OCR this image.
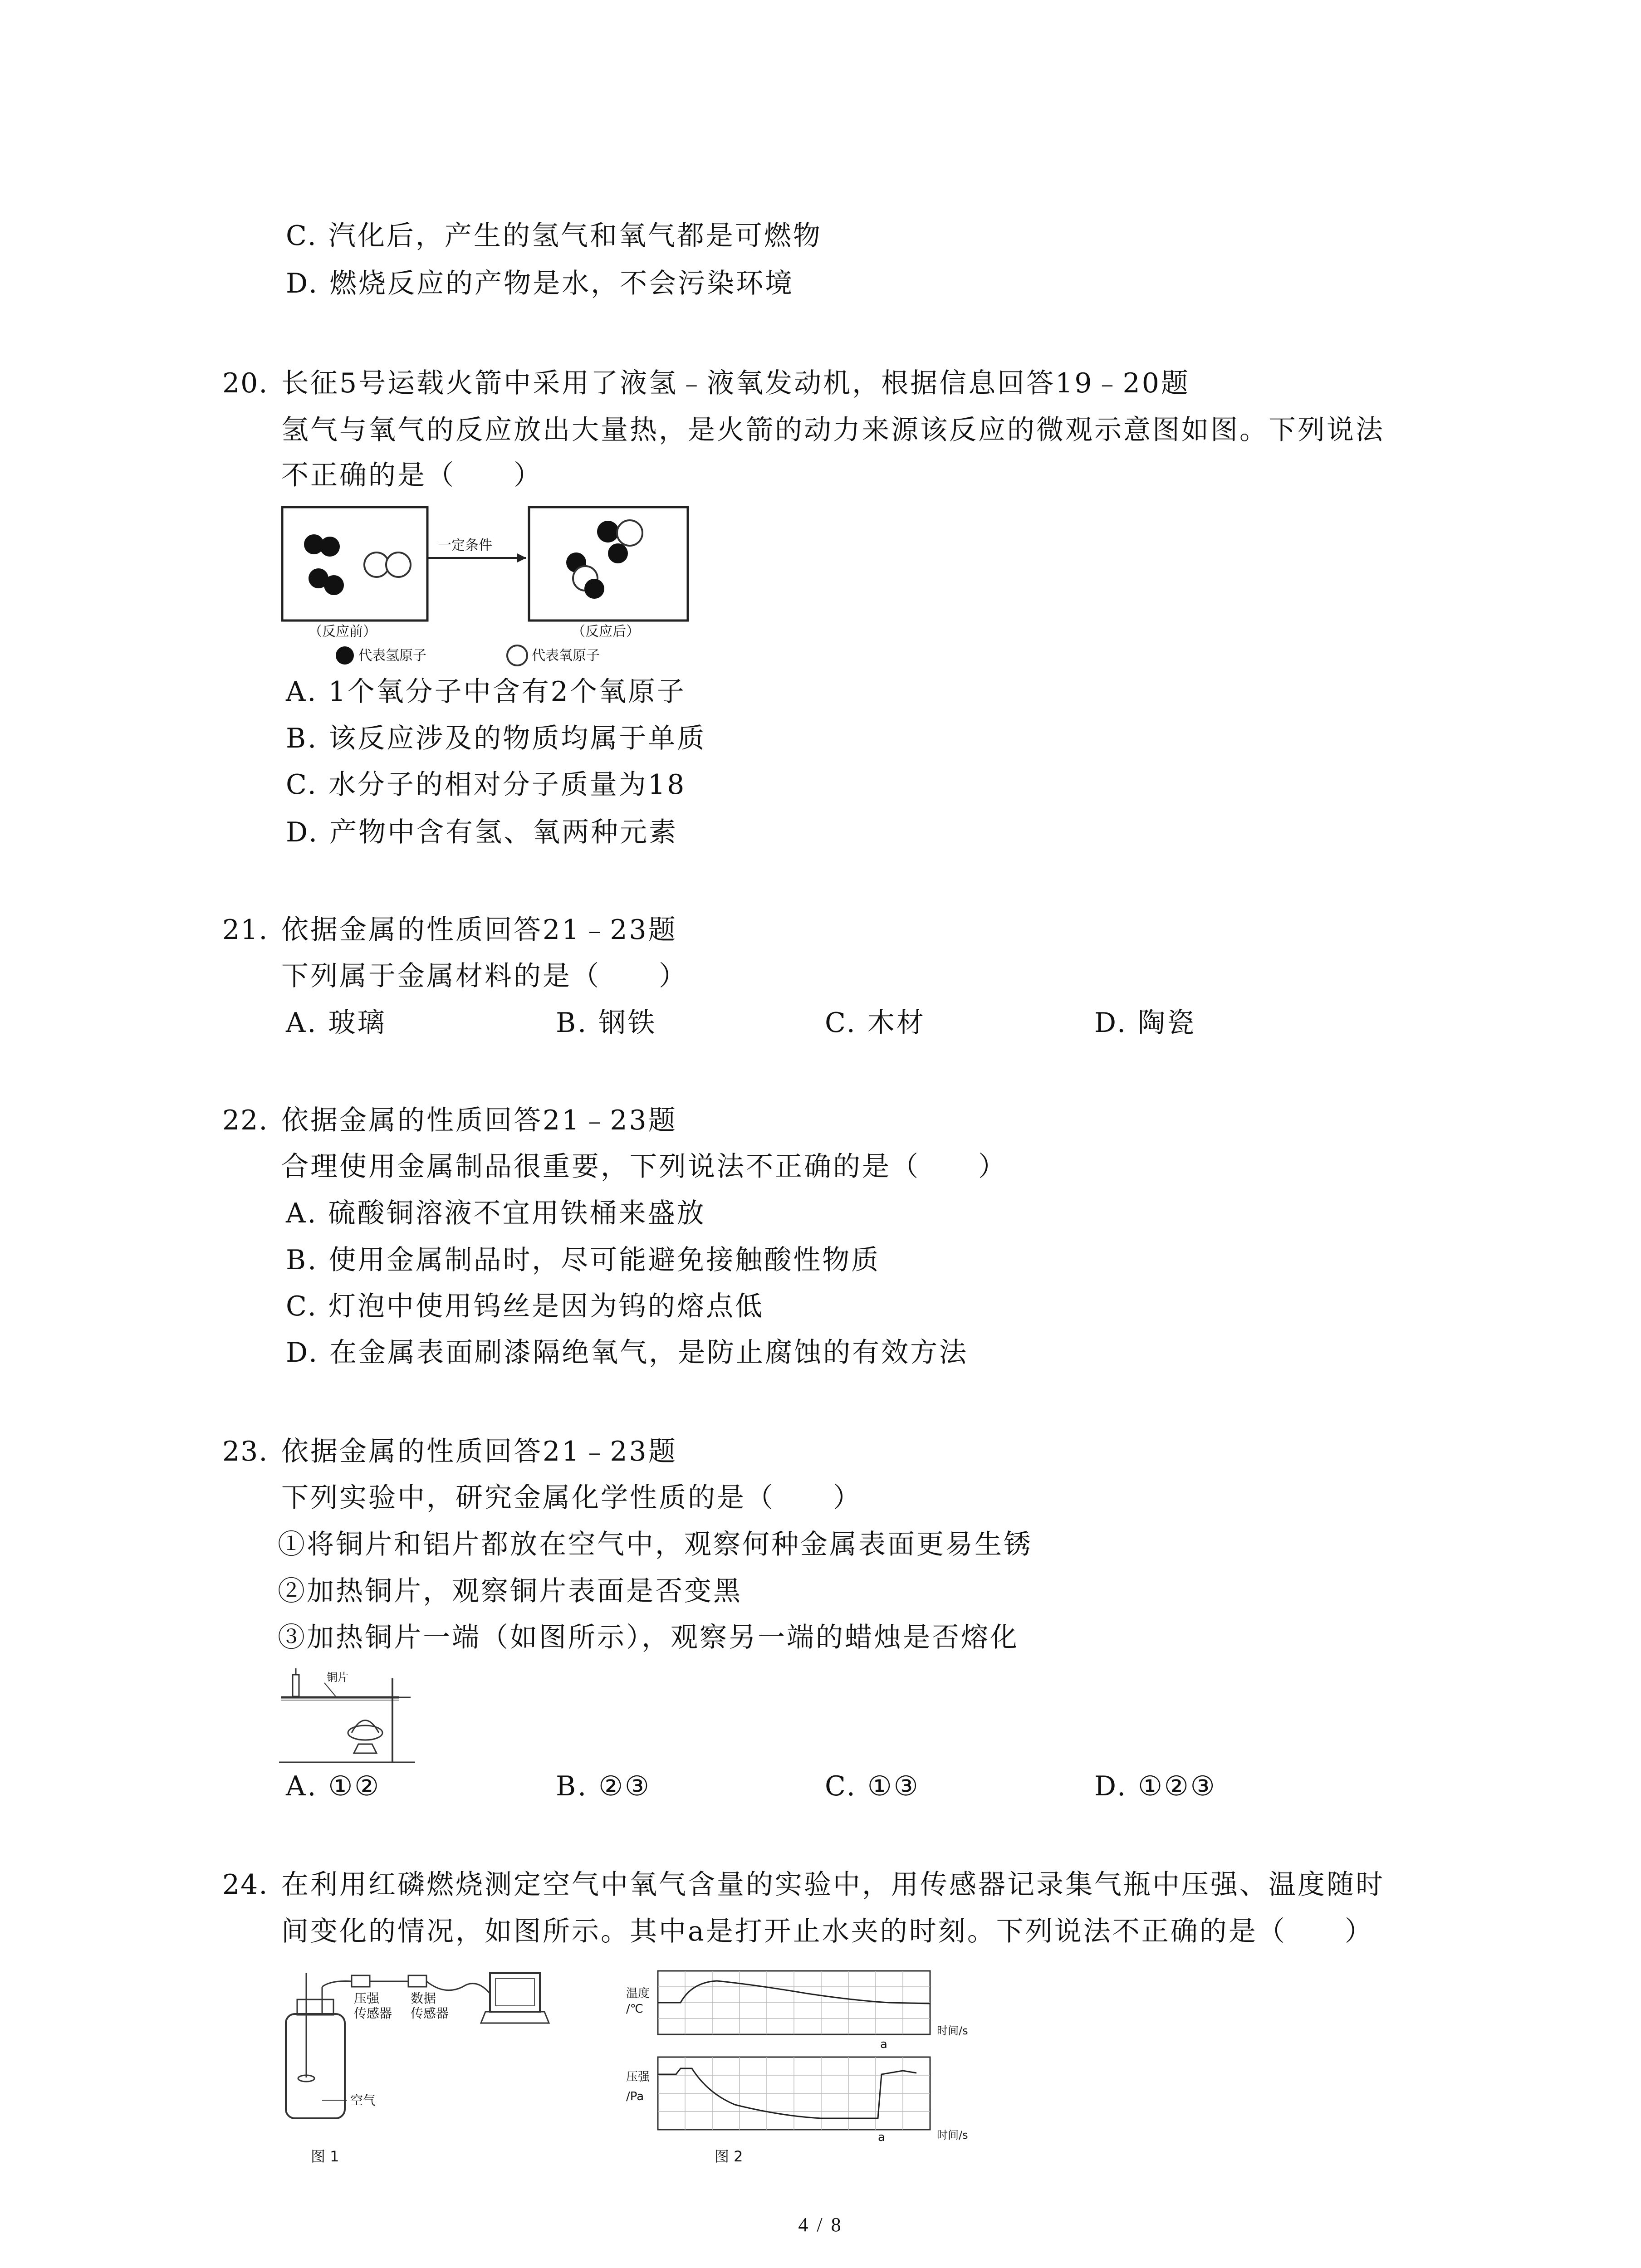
C. 汽化后，产生的氢气和氧气都是可燃物
D. 燃烧反应的产物是水，不会污染环境
20. 长征5号运载火箭中采用了液氢﹣液氧发动机，根据信息回答19﹣20题
氢气与氧气的反应放出大量热，是火箭的动力来源该反应的微观示意图如图。下列说法
不正确的是（　　）
一定条件
（反应前）	（反应后）
代表氢原子	代表氧原子
A. 1个氧分子中含有2个氧原子
B. 该反应涉及的物质均属于单质
C. 水分子的相对分子质量为18
D. 产物中含有氢、氧两种元素
21. 依据金属的性质回答21﹣23题
下列属于金属材料的是（　　）
A. 玻璃	B. 钢铁	C. 木材	D. 陶瓷
22. 依据金属的性质回答21﹣23题
合理使用金属制品很重要，下列说法不正确的是（　　）
A. 硫酸铜溶液不宜用铁桶来盛放
B. 使用金属制品时，尽可能避免接触酸性物质
C. 灯泡中使用钨丝是因为钨的熔点低
D. 在金属表面刷漆隔绝氧气，是防止腐蚀的有效方法
23. 依据金属的性质回答21﹣23题
下列实验中，研究金属化学性质的是（　　）
①将铜片和铝片都放在空气中，观察何种金属表面更易生锈
②加热铜片，观察铜片表面是否变黑
③加热铜片一端（如图所示），观察另一端的蜡烛是否熔化
铜片
A. ①②	B. ②③	C. ①③	D. ①②③
24. 在利用红磷燃烧测定空气中氧气含量的实验中，用传感器记录集气瓶中压强、温度随时
间变化的情况，如图所示。其中a是打开止水夹的时刻。下列说法不正确的是（　　）
压强
传感器
数据
传感器
空气
图 1
温度
/℃
时间/s
a
压强
/Pa
时间/s
a
图 2
4 / 8
